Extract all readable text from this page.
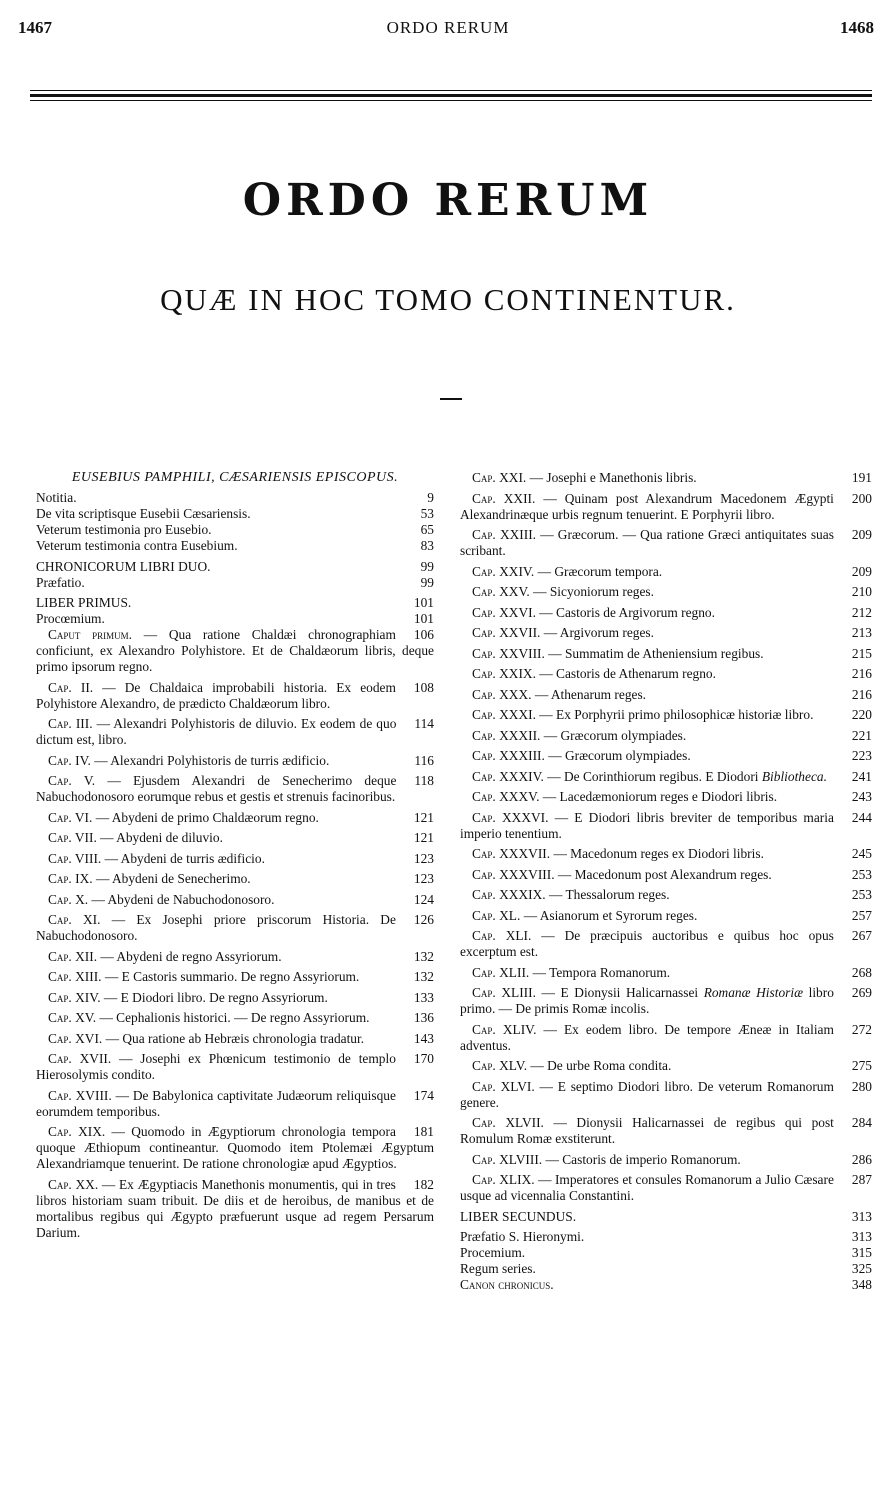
1467	ORDO RERUM	1468
ORDO RERUM
QUÆ IN HOC TOMO CONTINENTUR.
EUSEBIUS PAMPHILI, CÆSARIENSIS EPISCOPUS.
9
Notitia.
53
De vita scriptisque Eusebii Cæsariensis.
65
Veterum testimonia pro Eusebio.
83
Veterum testimonia contra Eusebium.
99
CHRONICORUM LIBRI DUO.
99
Præfatio.
101
LIBER PRIMUS.
101
Procœmium.
106
Caput primum. — Qua ratione Chaldæi chronographiam conficiunt, ex Alexandro Polyhistore. Et de Chaldæorum libris, deque primo ipsorum regno.
108
Cap. II. — De Chaldaica improbabili historia. Ex eodem Polyhistore Alexandro, de prædicto Chaldæorum libro.
114
Cap. III. — Alexandri Polyhistoris de diluvio. Ex eodem de quo dictum est, libro.
116
Cap. IV. — Alexandri Polyhistoris de turris ædificio.
118
Cap. V. — Ejusdem Alexandri de Senecherimo deque Nabuchodonosoro eorumque rebus et gestis et strenuis facinoribus.
121
Cap. VI. — Abydeni de primo Chaldæorum regno.
121
Cap. VII. — Abydeni de diluvio.
123
Cap. VIII. — Abydeni de turris ædificio.
123
Cap. IX. — Abydeni de Senecherimo.
124
Cap. X. — Abydeni de Nabuchodonosoro.
126
Cap. XI. — Ex Josephi priore priscorum Historia. De Nabuchodonosoro.
132
Cap. XII. — Abydeni de regno Assyriorum.
132
Cap. XIII. — E Castoris summario. De regno Assyriorum.
133
Cap. XIV. — E Diodori libro. De regno Assyriorum.
136
Cap. XV. — Cephalionis historici. — De regno Assyriorum.
143
Cap. XVI. — Qua ratione ab Hebræis chronologia tradatur.
170
Cap. XVII. — Josephi ex Phœnicum testimonio de templo Hierosolymis condito.
174
Cap. XVIII. — De Babylonica captivitate Judæorum reliquisque eorumdem temporibus.
181
Cap. XIX. — Quomodo in Ægyptiorum chronologia tempora quoque Æthiopum contineantur. Quomodo item Ptolemæi Ægyptum Alexandriamque tenuerint. De ratione chronologiæ apud Ægyptios.
182
Cap. XX. — Ex Ægyptiacis Manethonis monumentis, qui in tres libros historiam suam tribuit. De diis et de heroibus, de manibus et de mortalibus regibus qui Ægypto præfuerunt usque ad regem Persarum Darium.
191
Cap. XXI. — Josephi e Manethonis libris.
200
Cap. XXII. — Quinam post Alexandrum Macedonem Ægypti Alexandrinæque urbis regnum tenuerint. E Porphyrii libro.
209
Cap. XXIII. — Græcorum. — Qua ratione Græci antiquitates suas scribant.
209
Cap. XXIV. — Græcorum tempora.
210
Cap. XXV. — Sicyoniorum reges.
212
Cap. XXVI. — Castoris de Argivorum regno.
213
Cap. XXVII. — Argivorum reges.
215
Cap. XXVIII. — Summatim de Atheniensium regibus.
216
Cap. XXIX. — Castoris de Athenarum regno.
216
Cap. XXX. — Athenarum reges.
220
Cap. XXXI. — Ex Porphyrii primo philosophicæ historiæ libro.
221
Cap. XXXII. — Græcorum olympiades.
223
Cap. XXXIII. — Græcorum olympiades.
241
Cap. XXXIV. — De Corinthiorum regibus. E Diodori Bibliotheca.
243
Cap. XXXV. — Lacedæmoniorum reges e Diodori libris.
244
Cap. XXXVI. — E Diodori libris breviter de temporibus maria imperio tenentium.
245
Cap. XXXVII. — Macedonum reges ex Diodori libris.
253
Cap. XXXVIII. — Macedonum post Alexandrum reges.
253
Cap. XXXIX. — Thessalorum reges.
257
Cap. XL. — Asianorum et Syrorum reges.
267
Cap. XLI. — De præcipuis auctoribus e quibus hoc opus excerptum est.
268
Cap. XLII. — Tempora Romanorum.
269
Cap. XLIII. — E Dionysii Halicarnassei Romanæ Historiæ libro primo. — De primis Romæ incolis.
272
Cap. XLIV. — Ex eodem libro. De tempore Æneæ in Italiam adventus.
275
Cap. XLV. — De urbe Roma condita.
280
Cap. XLVI. — E septimo Diodori libro. De veterum Romanorum genere.
284
Cap. XLVII. — Dionysii Halicarnassei de regibus qui post Romulum Romæ exstiterunt.
286
Cap. XLVIII. — Castoris de imperio Romanorum.
287
Cap. XLIX. — Imperatores et consules Romanorum a Julio Cæsare usque ad vicennalia Constantini.
313
LIBER SECUNDUS.
313
Præfatio S. Hieronymi.
315
Procemium.
325
Regum series.
348
Canon chronicus.
